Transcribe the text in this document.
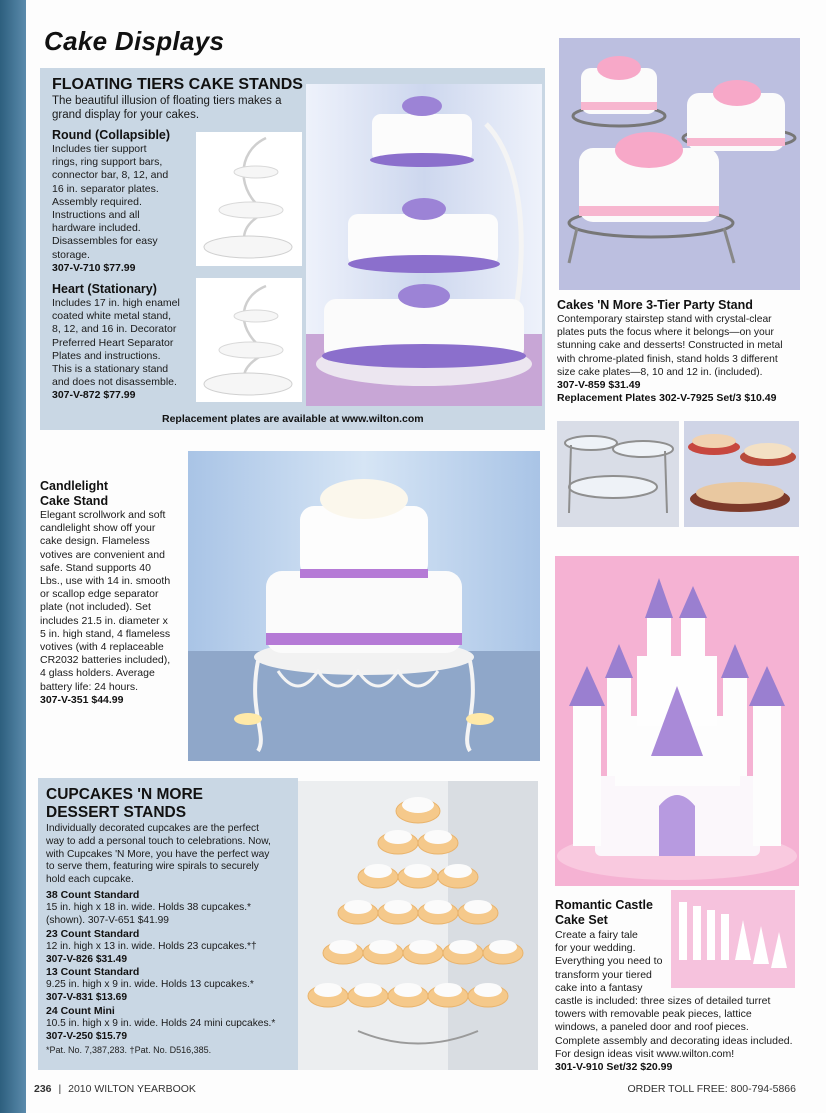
Cake Displays
FLOATING TIERS CAKE STANDS
The beautiful illusion of floating tiers makes a
grand display for your cakes.
Round (Collapsible)
Includes tier support
rings, ring support bars,
connector bar, 8, 12, and
16 in. separator plates.
Assembly required.
Instructions and all
hardware included.
Disassembles for easy
storage.
307-V-710 $77.99
Heart (Stationary)
Includes 17 in. high enamel
coated white metal stand,
8, 12, and 16 in. Decorator
Preferred Heart Separator
Plates and instructions.
This is a stationary stand
and does not disassemble.
307-V-872 $77.99
Replacement plates are available at www.wilton.com
Cakes 'N More 3-Tier Party Stand
Contemporary stairstep stand with crystal-clear
plates puts the focus where it belongs—on your
stunning cake and desserts! Constructed in metal
with chrome-plated finish, stand holds 3 different
size cake plates—8, 10 and 12 in. (included).
307-V-859 $31.49
Replacement Plates 302-V-7925 Set/3 $10.49
Candlelight
Cake Stand
Elegant scrollwork and soft
candlelight show off your
cake design. Flameless
votives are convenient and
safe. Stand supports 40
Lbs., use with 14 in. smooth
or scallop edge separator
plate (not included). Set
includes 21.5 in. diameter x
5 in. high stand, 4 flameless
votives (with 4 replaceable
CR2032 batteries included),
4 glass holders. Average
battery life: 24 hours.
307-V-351 $44.99
Romantic Castle
Cake Set
Create a fairy tale
for your wedding.
Everything you need to
transform your tiered
cake into a fantasy
castle is included: three sizes of detailed turret
towers with removable peak pieces, lattice
windows, a paneled door and roof pieces.
Complete assembly and decorating ideas included.
For design ideas visit www.wilton.com!
301-V-910 Set/32 $20.99
CUPCAKES 'N MORE
DESSERT STANDS
Individually decorated cupcakes are the perfect
way to add a personal touch to celebrations. Now,
with Cupcakes 'N More, you have the perfect way
to serve them, featuring wire spirals to securely
hold each cupcake.
38 Count Standard
15 in. high x 18 in. wide. Holds 38 cupcakes.*
(shown). 307-V-651 $41.99
23 Count Standard
12 in. high x 13 in. wide. Holds 23 cupcakes.*†
307-V-826 $31.49
13 Count Standard
9.25 in. high x 9 in. wide. Holds 13 cupcakes.*
307-V-831 $13.69
24 Count Mini
10.5 in. high x 9 in. wide. Holds 24 mini cupcakes.*
307-V-250 $15.79
*Pat. No. 7,387,283. †Pat. No. D516,385.
236 | 2010 WILTON YEARBOOK	ORDER TOLL FREE: 800-794-5866
